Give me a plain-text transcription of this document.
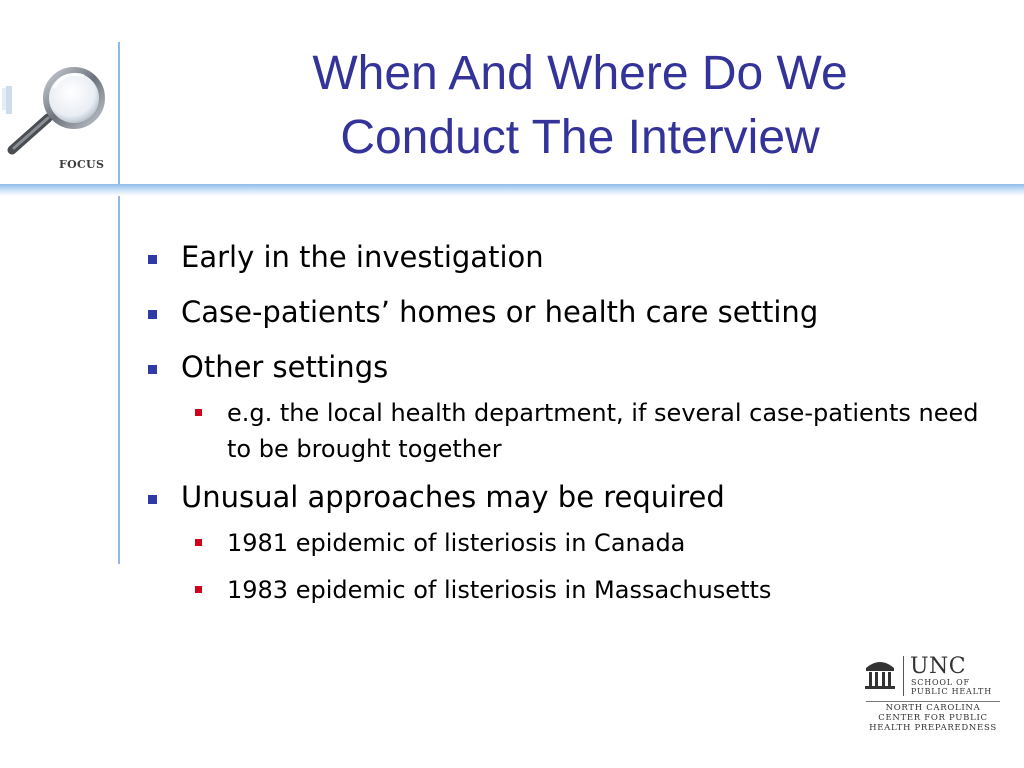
FOCUS
When And Where Do We
Conduct The Interview
Early in the investigation
Case-patients’ homes or health care setting
Other settings
e.g. the local health department, if several case-patients need to be brought together
Unusual approaches may be required
1981 epidemic of listeriosis in Canada
1983 epidemic of listeriosis in Massachusetts
UNC
SCHOOL OF
PUBLIC HEALTH
NORTH CAROLINA
CENTER FOR PUBLIC
HEALTH PREPAREDNESS
